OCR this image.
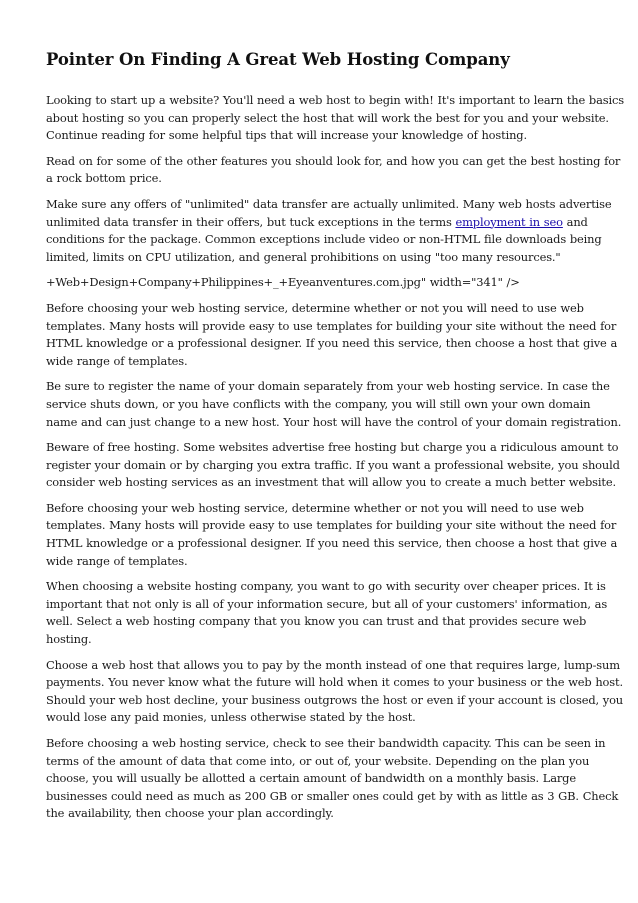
Pointer On Finding A Great Web Hosting Company

Looking to start up a website? You'll need a web host to begin with! It's important to learn the basics
about hosting so you can properly select the host that will work the best for you and your website.
Continue reading for some helpful tips that will increase your knowledge of hosting.

Read on for some of the other features you should look for, and how you can get the best hosting for
a rock bottom price.

Make sure any offers of "unlimited" data transfer are actually unlimited. Many web hosts advertise
unlimited data transfer in their offers, but tuck exceptions in the terms employment in seo and
conditions for the package. Common exceptions include video or non-HTML file downloads being
limited, limits on CPU utilization, and general prohibitions on using "too many resources."

+Web+Design+Company+Philippines+_+Eyeanventures.com.jpg" width="341" />

Before choosing your web hosting service, determine whether or not you will need to use web
templates. Many hosts will provide easy to use templates for building your site without the need for
HTML knowledge or a professional designer. If you need this service, then choose a host that give a
wide range of templates.

Be sure to register the name of your domain separately from your web hosting service. In case the
service shuts down, or you have conflicts with the company, you will still own your own domain
name and can just change to a new host. Your host will have the control of your domain registration.

Beware of free hosting. Some websites advertise free hosting but charge you a ridiculous amount to
register your domain or by charging you extra traffic. If you want a professional website, you should
consider web hosting services as an investment that will allow you to create a much better website.

Before choosing your web hosting service, determine whether or not you will need to use web
templates. Many hosts will provide easy to use templates for building your site without the need for
HTML knowledge or a professional designer. If you need this service, then choose a host that give a
wide range of templates.

When choosing a website hosting company, you want to go with security over cheaper prices. It is
important that not only is all of your information secure, but all of your customers' information, as
well. Select a web hosting company that you know you can trust and that provides secure web
hosting.

Choose a web host that allows you to pay by the month instead of one that requires large, lump-sum
payments. You never know what the future will hold when it comes to your business or the web host.
Should your web host decline, your business outgrows the host or even if your account is closed, you
would lose any paid monies, unless otherwise stated by the host.

Before choosing a web hosting service, check to see their bandwidth capacity. This can be seen in
terms of the amount of data that come into, or out of, your website. Depending on the plan you
choose, you will usually be allotted a certain amount of bandwidth on a monthly basis. Large
businesses could need as much as 200 GB or smaller ones could get by with as little as 3 GB. Check
the availability, then choose your plan accordingly.
